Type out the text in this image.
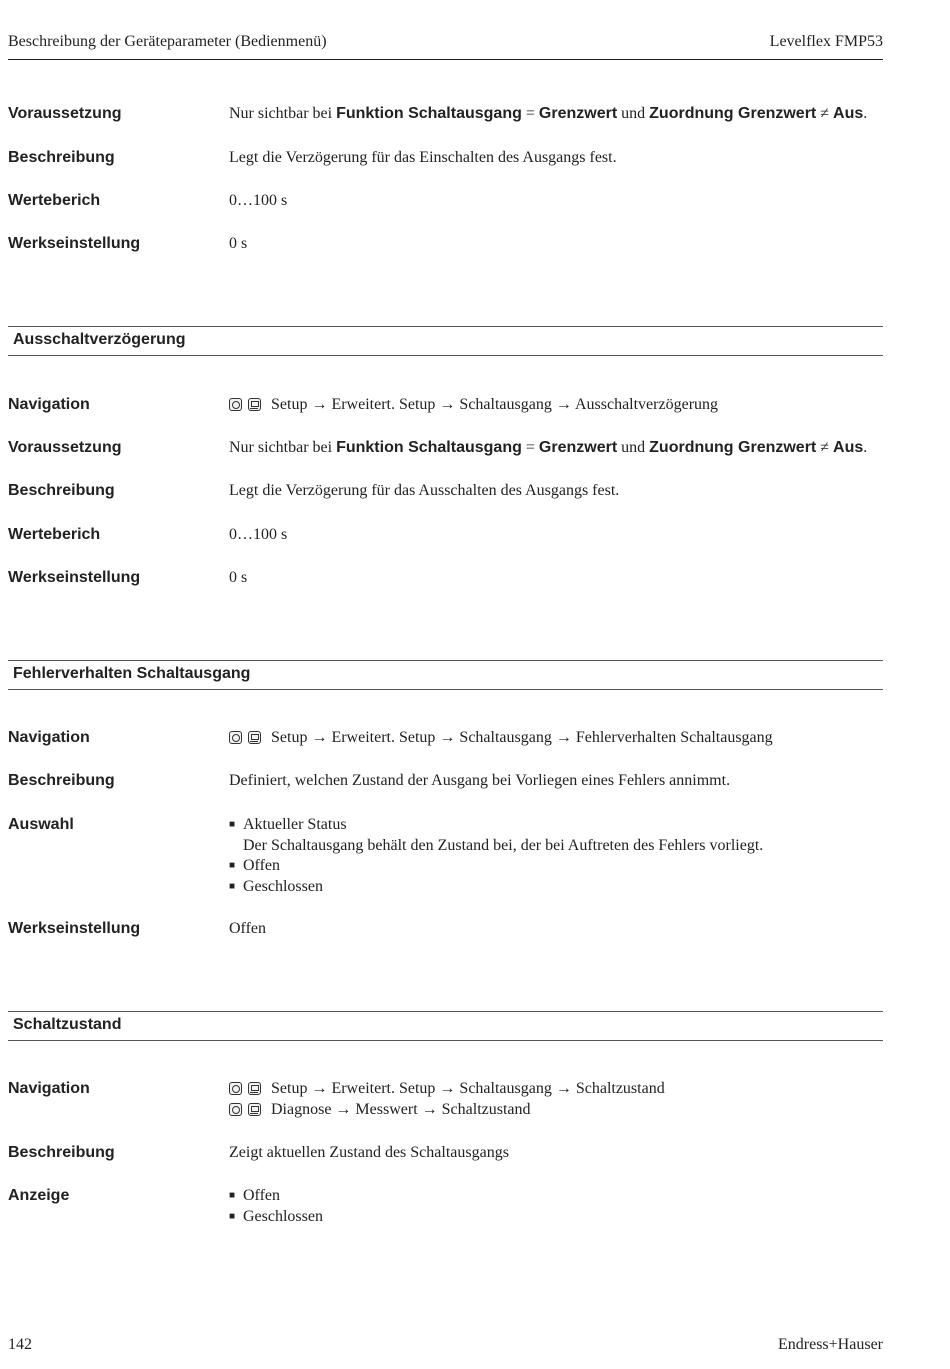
Beschreibung der Geräteparameter (Bedienmenü)	Levelflex FMP53
Voraussetzung	Nur sichtbar bei Funktion Schaltausgang = Grenzwert und Zuordnung Grenzwert ≠ Aus.
Beschreibung	Legt die Verzögerung für das Einschalten des Ausgangs fest.
Werteberich	0…100 s
Werkseinstellung	0 s
Ausschaltverzögerung
Navigation	Setup → Erweitert. Setup → Schaltausgang → Ausschaltverzögerung
Voraussetzung	Nur sichtbar bei Funktion Schaltausgang = Grenzwert und Zuordnung Grenzwert ≠ Aus.
Beschreibung	Legt die Verzögerung für das Ausschalten des Ausgangs fest.
Werteberich	0…100 s
Werkseinstellung	0 s
Fehlerverhalten Schaltausgang
Navigation	Setup → Erweitert. Setup → Schaltausgang → Fehlerverhalten Schaltausgang
Beschreibung	Definiert, welchen Zustand der Ausgang bei Vorliegen eines Fehlers annimmt.
Auswahl	■ Aktueller Status
Der Schaltausgang behält den Zustand bei, der bei Auftreten des Fehlers vorliegt.
■ Offen
■ Geschlossen
Werkseinstellung	Offen
Schaltzustand
Navigation	Setup → Erweitert. Setup → Schaltausgang → Schaltzustand
Diagnose → Messwert → Schaltzustand
Beschreibung	Zeigt aktuellen Zustand des Schaltausgangs
Anzeige	■ Offen
■ Geschlossen
142	Endress+Hauser
